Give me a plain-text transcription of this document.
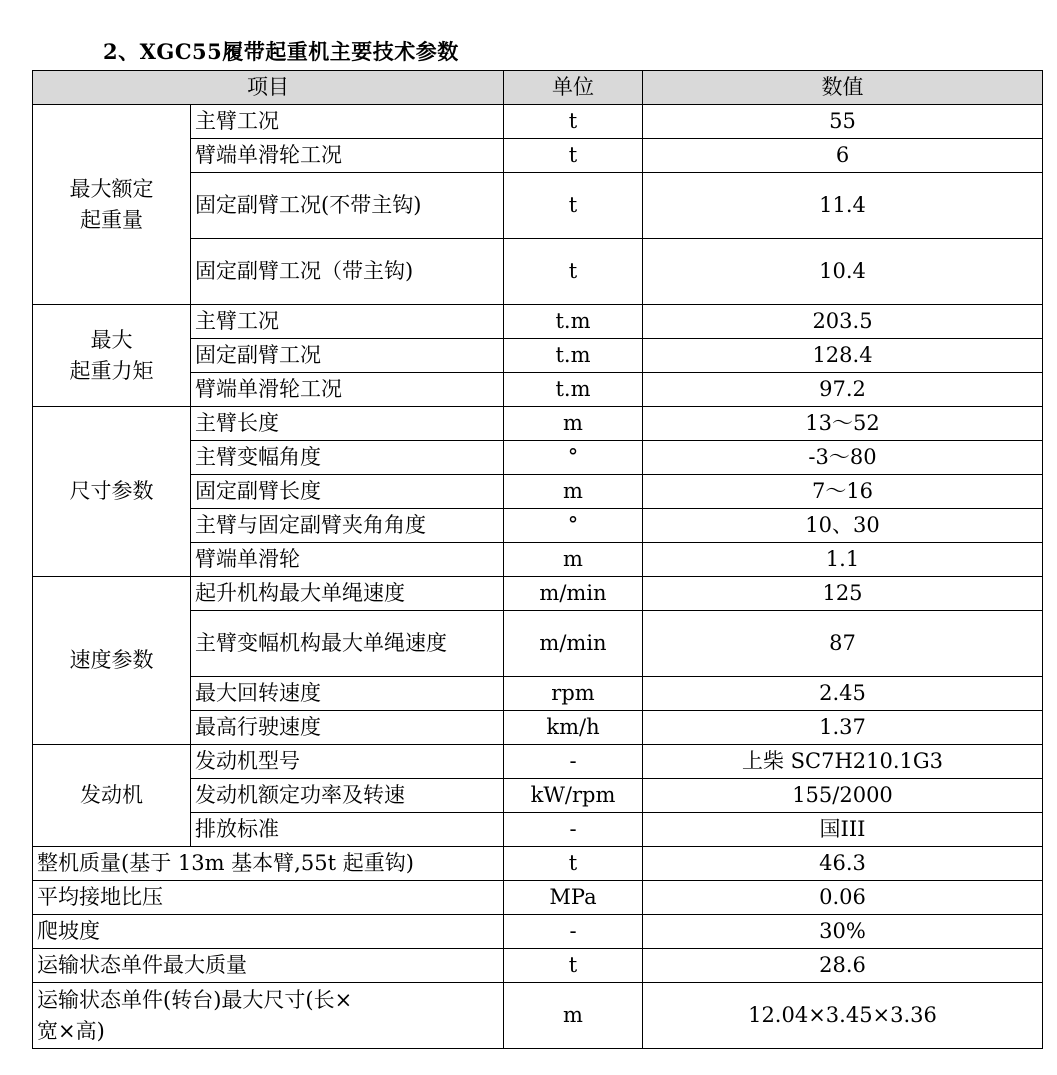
2、XGC55履带起重机主要技术参数
项目		单位	数值

最大额定
起重量	主臂工况	t	55
	臂端单滑轮工况	t	6
	固定副臂工况(不带主钩)	t	11.4
	固定副臂工况（带主钩)	t	10.4

最大
起重力矩	主臂工况	t.m	203.5
	固定副臂工况	t.m	128.4
	臂端单滑轮工况	t.m	97.2
尺寸参数	主臂长度	m	13～52
	主臂变幅角度	°	-3～80
	固定副臂长度	m	7～16
	主臂与固定副臂夹角角度	°	10、30
	臂端单滑轮	m	1.1
速度参数	起升机构最大单绳速度	m/min	125
	主臂变幅机构最大单绳速度	m/min	87
	最大回转速度	rpm	2.45
	最高行驶速度	km/h	1.37
发动机	发动机型号	-	上柴 SC7H210.1G3
	发动机额定功率及转速	kW/rpm	155/2000
	排放标准	-	国III
整机质量(基于 13m 基本臂,55t 起重钩)		t	46.3
平均接地比压		MPa	0.06
爬坡度		-	30%
运输状态单件最大质量		t	28.6
运输状态单件(转台)最大尺寸(长×宽×高)		m	12.04×3.45×3.36
